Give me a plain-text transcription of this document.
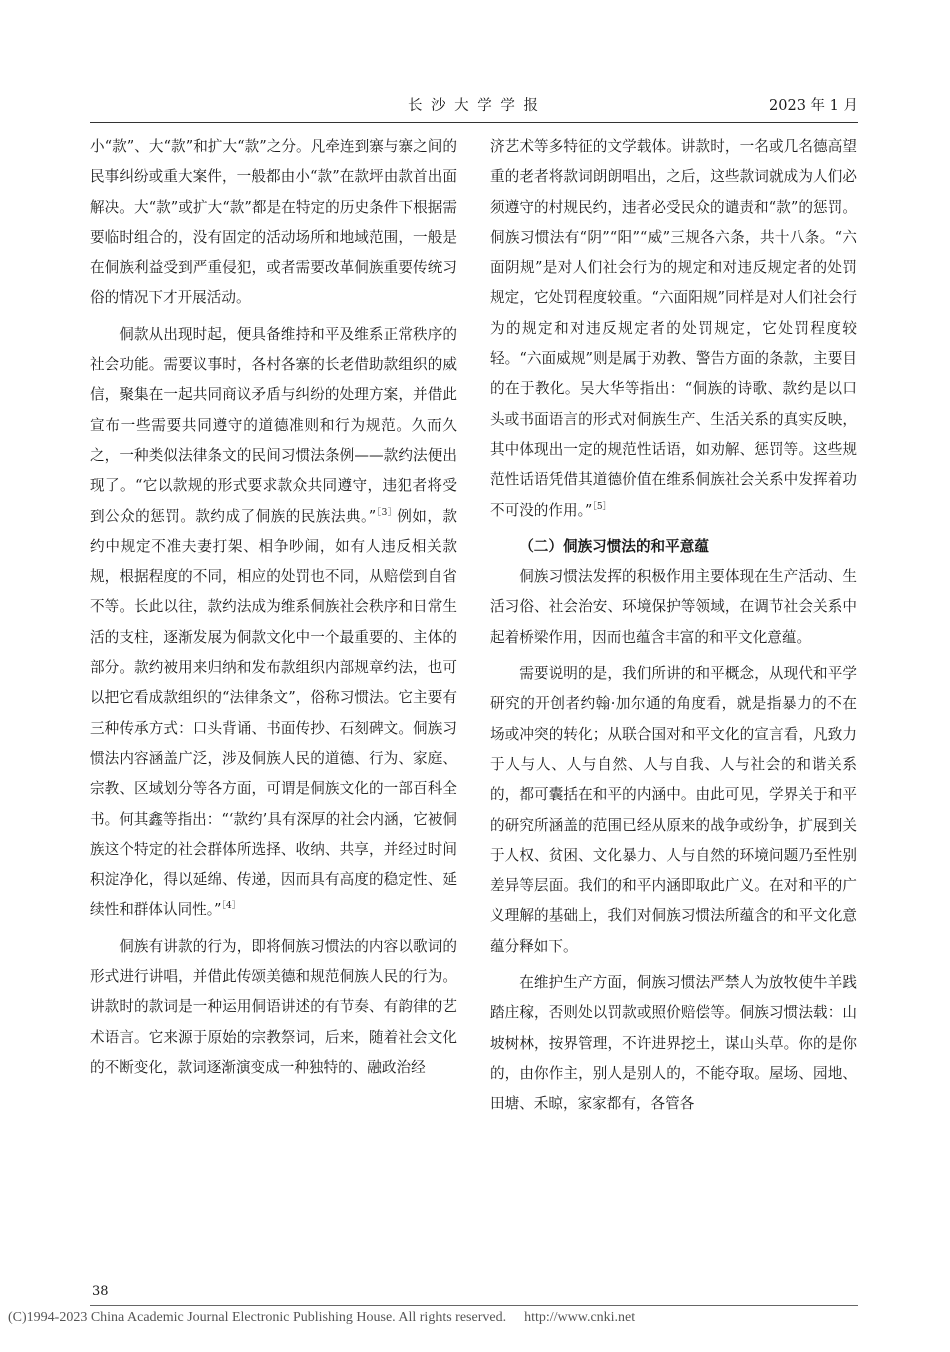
长 沙 大 学 学 报	2023 年 1 月

小“款”、大“款”和扩大“款”之分。凡牵连到寨与寨之间的民事纠纷或重大案件，一般都由小“款”在款坪由款首出面解决。大“款”或扩大“款”都是在特定的历史条件下根据需要临时组合的，没有固定的活动场所和地域范围，一般是在侗族利益受到严重侵犯，或者需要改革侗族重要传统习俗的情况下才开展活动。

侗款从出现时起，便具备维持和平及维系正常秩序的社会功能。需要议事时，各村各寨的长老借助款组织的威信，聚集在一起共同商议矛盾与纠纷的处理方案，并借此宣布一些需要共同遵守的道德准则和行为规范。久而久之，一种类似法律条文的民间习惯法条例——款约法便出现了。“它以款规的形式要求款众共同遵守，违犯者将受到公众的惩罚。款约成了侗族的民族法典。”$^{[3]}$例如，款约中规定不准夫妻打架、相争吵闹，如有人违反相关款规，根据程度的不同，相应的处罚也不同，从赔偿到自省不等。长此以往，款约法成为维系侗族社会秩序和日常生活的支柱，逐渐发展为侗款文化中一个最重要的、主体的部分。款约被用来归纳和发布款组织内部规章约法，也可以把它看成款组织的“法律条文”，俗称习惯法。它主要有三种传承方式：口头背诵、书面传抄、石刻碑文。侗族习惯法内容涵盖广泛，涉及侗族人民的道德、行为、家庭、宗教、区域划分等各方面，可谓是侗族文化的一部百科全书。何其鑫等指出：“‘款约’具有深厚的社会内涵，它被侗族这个特定的社会群体所选择、收纳、共享，并经过时间积淀净化，得以延绵、传递，因而具有高度的稳定性、延续性和群体认同性。”$^{[4]}$

侗族有讲款的行为，即将侗族习惯法的内容以歌词的形式进行讲唱，并借此传颂美德和规范侗族人民的行为。讲款时的款词是一种运用侗语讲述的有节奏、有韵律的艺术语言。它来源于原始的宗教祭词，后来，随着社会文化的不断变化，款词逐渐演变成一种独特的、融政治经

济艺术等多特征的文学载体。讲款时，一名或几名德高望重的老者将款词朗朗唱出，之后，这些款词就成为人们必须遵守的村规民约，违者必受民众的谴责和“款”的惩罚。侗族习惯法有“阴”“阳”“威”三规各六条，共十八条。“六面阴规”是对人们社会行为的规定和对违反规定者的处罚规定，它处罚程度较重。“六面阳规”同样是对人们社会行为的规定和对违反规定者的处罚规定，它处罚程度较轻。“六面威规”则是属于劝教、警告方面的条款，主要目的在于教化。吴大华等指出：“侗族的诗歌、款约是以口头或书面语言的形式对侗族生产、生活关系的真实反映，其中体现出一定的规范性话语，如劝解、惩罚等。这些规范性话语凭借其道德价值在维系侗族社会关系中发挥着功不可没的作用。”$^{[5]}$

（二）侗族习惯法的和平意蕴

侗族习惯法发挥的积极作用主要体现在生产活动、生活习俗、社会治安、环境保护等领域，在调节社会关系中起着桥梁作用，因而也蕴含丰富的和平文化意蕴。

需要说明的是，我们所讲的和平概念，从现代和平学研究的开创者约翰·加尔通的角度看，就是指暴力的不在场或冲突的转化；从联合国对和平文化的宣言看，凡致力于人与人、人与自然、人与自我、人与社会的和谐关系的，都可囊括在和平的内涵中。由此可见，学界关于和平的研究所涵盖的范围已经从原来的战争或纷争，扩展到关于人权、贫困、文化暴力、人与自然的环境问题乃至性别差异等层面。我们的和平内涵即取此广义。在对和平的广义理解的基础上，我们对侗族习惯法所蕴含的和平文化意蕴分释如下。

在维护生产方面，侗族习惯法严禁人为放牧使牛羊践踏庄稼，否则处以罚款或照价赔偿等。侗族习惯法载：山坡树林，按界管理，不许进界挖土，谋山头草。你的是你的，由你作主，别人是别人的，不能夺取。屋场、园地、田塘、禾晾，家家都有，各管各

38
(C)1994-2023 China Academic Journal Electronic Publishing House. All rights reserved. http://www.cnki.net
